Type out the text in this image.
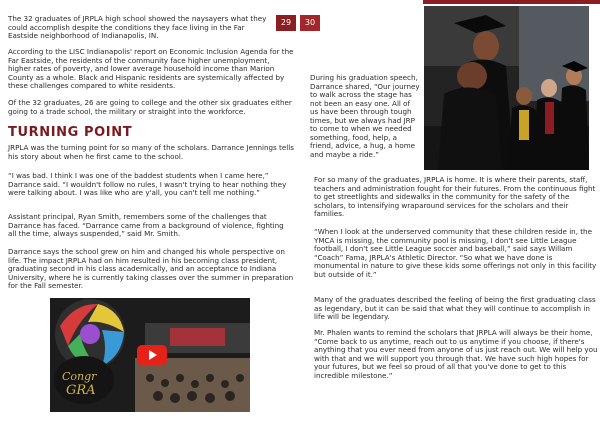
The 32 graduates of JRPLA high school showed the naysayers what they could accomplish despite the conditions they face living in the Far Eastside neighborhood of Indianapolis, IN.

According to the LISC Indianapolis' report on Economic Inclusion Agenda for the Far Eastside, the residents of the community face higher unemployment, higher rates of poverty, and lower average household income than Marion County as a whole. Black and Hispanic residents are systemically affected by these challenges compared to white residents.

Of the 32 graduates, 26 are going to college and the other six graduates either going to a trade school, the military or straight into the workforce.

TURNING POINT

JRPLA was the turning point for so many of the scholars. Darrance Jennings tells his story about when he first came to the school.

“I was bad. I think I was one of the baddest students when I came here,” Darrance said. “I wouldn't follow no rules, I wasn't trying to hear nothing they were talking about. I was like who are y'all, you can't tell me nothing.”

Assistant principal, Ryan Smith, remembers some of the challenges that Darrance has faced. “Darrance came from a background of violence, fighting all the time, always suspended,” said Mr. Smith.

Darrance says the school grew on him and changed his whole perspective on life. The impact JRPLA had on him resulted in his becoming class president, graduating second in his class academically, and an acceptance to Indiana University, where he is currently taking classes over the summer in preparation for the Fall semester.

29

During his graduation speech, Darrance shared, “Our journey to walk across the stage has not been an easy one. All of us have been through tough times, but we always had JRP to come to when we needed something, food, help, a friend, advice, a hug, a home and maybe a ride.”

For so many of the graduates, JRPLA is home. It is where their parents, staff, teachers and administration fought for their futures. From the continuous fight to get streetlights and sidewalks in the community for the safety of the scholars, to intensifying wraparound services for the scholars and their families.

“When I look at the underserved community that these children reside in, the YMCA is missing, the community pool is missing, I don't see Little League football, I don't see Little League soccer and baseball,” said says Willam “Coach” Fama, JRPLA's Athletic Director. “So what we have done is monumental in nature to give these kids some offerings not only in this facility but outside of it.”

Many of the graduates described the feeling of being the first graduating class as legendary, but it can be said that what they will continue to accomplish in life will be legendary.

Mr. Phalen wants to remind the scholars that JRPLA will always be their home, “Come back to us anytime, reach out to us anytime if you choose, if there's anything that you ever need from anyone of us just reach out. We will help you with that and we will support you through that. We have such high hopes for your futures, but we feel so proud of all that you've done to get to this incredible milestone.”

30
Congr
GRA
